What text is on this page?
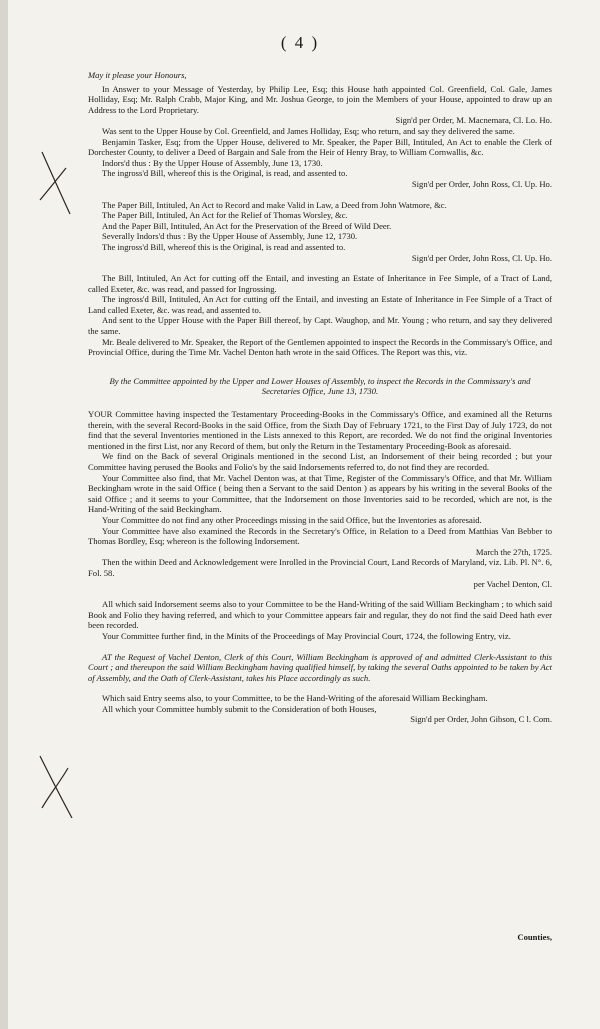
( 4 )

May it please your Honours,

In Answer to your Message of Yesterday, by Philip Lee, Esq; this House hath appointed Col. Greenfield, Col. Gale, James Holliday, Esq; Mr. Ralph Crabb, Major King, and Mr. Joshua George, to join the Members of your House, appointed to draw up an Address to the Lord Proprietary.

Sign'd per Order, M. Macnemara, Cl. Lo. Ho.

Was sent to the Upper House by Col. Greenfield, and James Holliday, Esq; who return, and say they delivered the same.

Benjamin Tasker, Esq; from the Upper House, delivered to Mr. Speaker, the Paper Bill, Intituled, An Act to enable the Clerk of Dorchester County, to deliver a Deed of Bargain and Sale from the Heir of Henry Bray, to William Cornwallis, &c.

Indors'd thus : By the Upper House of Assembly, June 13, 1730.

The ingross'd Bill, whereof this is the Original, is read, and assented to.

Sign'd per Order, John Ross, Cl. Up. Ho.

The Paper Bill, Intituled, An Act to Record and make Valid in Law, a Deed from John Watmore, &c.

The Paper Bill, Intituled, An Act for the Relief of Thomas Worsley, &c.

And the Paper Bill, Intituled, An Act for the Preservation of the Breed of Wild Deer.

Severally Indors'd thus : By the Upper House of Assembly, June 12, 1730.

The ingross'd Bill, whereof this is the Original, is read and assented to.

Sign'd per Order, John Ross, Cl. Up. Ho.

The Bill, Intituled, An Act for cutting off the Entail, and investing an Estate of Inheritance in Fee Simple, of a Tract of Land, called Exeter, &c. was read, and passed for Ingrossing.

The ingross'd Bill, Intituled, An Act for cutting off the Entail, and investing an Estate of Inheritance in Fee Simple of a Tract of Land called Exeter, &c. was read, and assented to.

And sent to the Upper House with the Paper Bill thereof, by Capt. Waughop, and Mr. Young ; who return, and say they delivered the same.

Mr. Beale delivered to Mr. Speaker, the Report of the Gentlemen appointed to inspect the Records in the Commissary's Office, and Provincial Office, during the Time Mr. Vachel Denton hath wrote in the said Offices. The Report was this, viz.

By the Committee appointed by the Upper and Lower Houses of Assembly, to inspect the Records in the Commissary's and Secretaries Office, June 13, 1730.

YOUR Committee having inspected the Testamentary Proceeding-Books in the Commissary's Office, and examined all the Returns therein, with the several Record-Books in the said Office, from the Sixth Day of February 1721, to the First Day of July 1723, do not find that the several Inventories mentioned in the Lists annexed to this Report, are recorded. We do not find the original Inventories mentioned in the first List, nor any Record of them, but only the Return in the Testamentary Proceeding-Book as aforesaid.

We find on the Back of several Originals mentioned in the second List, an Indorsement of their being recorded ; but your Committee having perused the Books and Folio's by the said Indorsements referred to, do not find they are recorded.

Your Committee also find, that Mr. Vachel Denton was, at that Time, Register of the Commissary's Office, and that Mr. William Beckingham wrote in the said Office ( being then a Servant to the said Denton ) as appears by his writing in the several Books of the said Office ; and it seems to your Committee, that the Indorsement on those Inventories said to be recorded, which are not, is the Hand-Writing of the said Beckingham.

Your Committee do not find any other Proceedings missing in the said Office, but the Inventories as aforesaid.

Your Committee have also examined the Records in the Secretary's Office, in Relation to a Deed from Matthias Van Bebber to Thomas Bordley, Esq; whereon is the following Indorsement.

March the 27th, 1725.

Then the within Deed and Acknowledgement were Inrolled in the Provincial Court, Land Records of Maryland, viz. Lib. Pl. N°. 6, Fol. 58.

per Vachel Denton, Cl.

All which said Indorsement seems also to your Committee to be the Hand-Writing of the said William Beckingham ; to which said Book and Folio they having referred, and which to your Committee appears fair and regular, they do not find the said Deed hath ever been recorded.

Your Committee further find, in the Minits of the Proceedings of May Provincial Court, 1724, the following Entry, viz.

AT the Request of Vachel Denton, Clerk of this Court, William Beckingham is approved of and admitted Clerk-Assistant to this Court ; and thereupon the said William Beckingham having qualified himself, by taking the several Oaths appointed to be taken by Act of Assembly, and the Oath of Clerk-Assistant, takes his Place accordingly as such.

Which said Entry seems also, to your Committee, to be the Hand-Writing of the aforesaid William Beckingham.

All which your Committee humbly submit to the Consideration of both Houses,

Sign'd per Order, John Gibson, C l. Com.

Counties,
